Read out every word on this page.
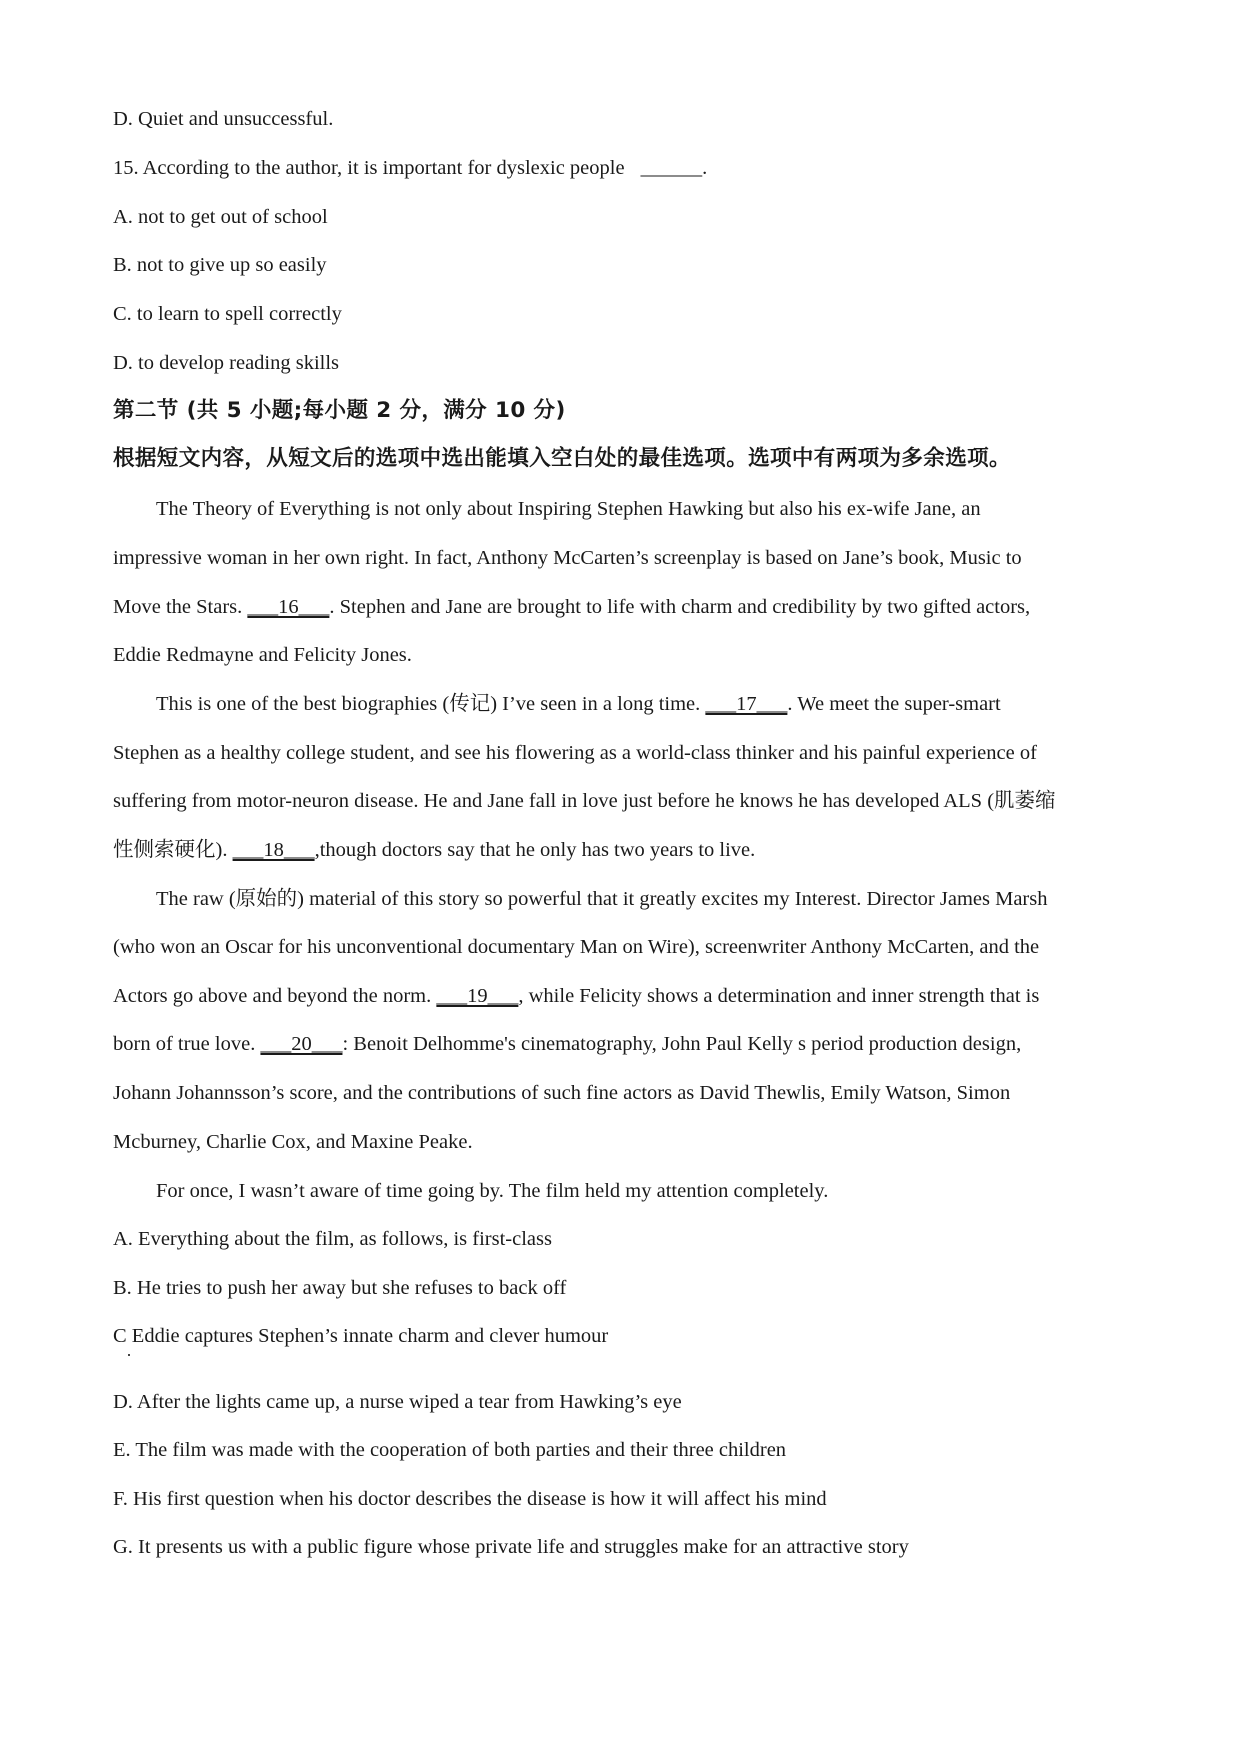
D. Quiet and unsuccessful.
15. According to the author, it is important for dyslexic people ______.
A. not to get out of school
B. not to give up so easily
C. to learn to spell correctly
D. to develop reading skills
第二节 (共 5 小题;每小题 2 分，满分 10 分)
根据短文内容，从短文后的选项中选出能填入空白处的最佳选项。选项中有两项为多余选项。
The Theory of Everything is not only about Inspiring Stephen Hawking but also his ex-wife Jane, an
impressive woman in her own right. In fact, Anthony McCarten’s screenplay is based on Jane’s book, Music to
Move the Stars. ___16___. Stephen and Jane are brought to life with charm and credibility by two gifted actors,
Eddie Redmayne and Felicity Jones.
This is one of the best biographies (传记) I’ve seen in a long time. ___17___. We meet the super-smart
Stephen as a healthy college student, and see his flowering as a world-class thinker and his painful experience of
suffering from motor-neuron disease. He and Jane fall in love just before he knows he has developed ALS (肌萎缩
性侧索硬化). ___18___,though doctors say that he only has two years to live.
The raw (原始的) material of this story so powerful that it greatly excites my Interest. Director James Marsh
(who won an Oscar for his unconventional documentary Man on Wire), screenwriter Anthony McCarten, and the
Actors go above and beyond the norm. ___19___, while Felicity shows a determination and inner strength that is
born of true love. ___20___: Benoit Delhomme's cinematography, John Paul Kelly s period production design,
Johann Johannsson’s score, and the contributions of such fine actors as David Thewlis, Emily Watson, Simon
Mcburney, Charlie Cox, and Maxine Peake.
For once, I wasn’t aware of time going by. The film held my attention completely.
A. Everything about the film, as follows, is first-class
B. He tries to push her away but she refuses to back off
C Eddie captures Stephen’s innate charm and clever humour
D. After the lights came up, a nurse wiped a tear from Hawking’s eye
E. The film was made with the cooperation of both parties and their three children
F. His first question when his doctor describes the disease is how it will affect his mind
G. It presents us with a public figure whose private life and struggles make for an attractive story
